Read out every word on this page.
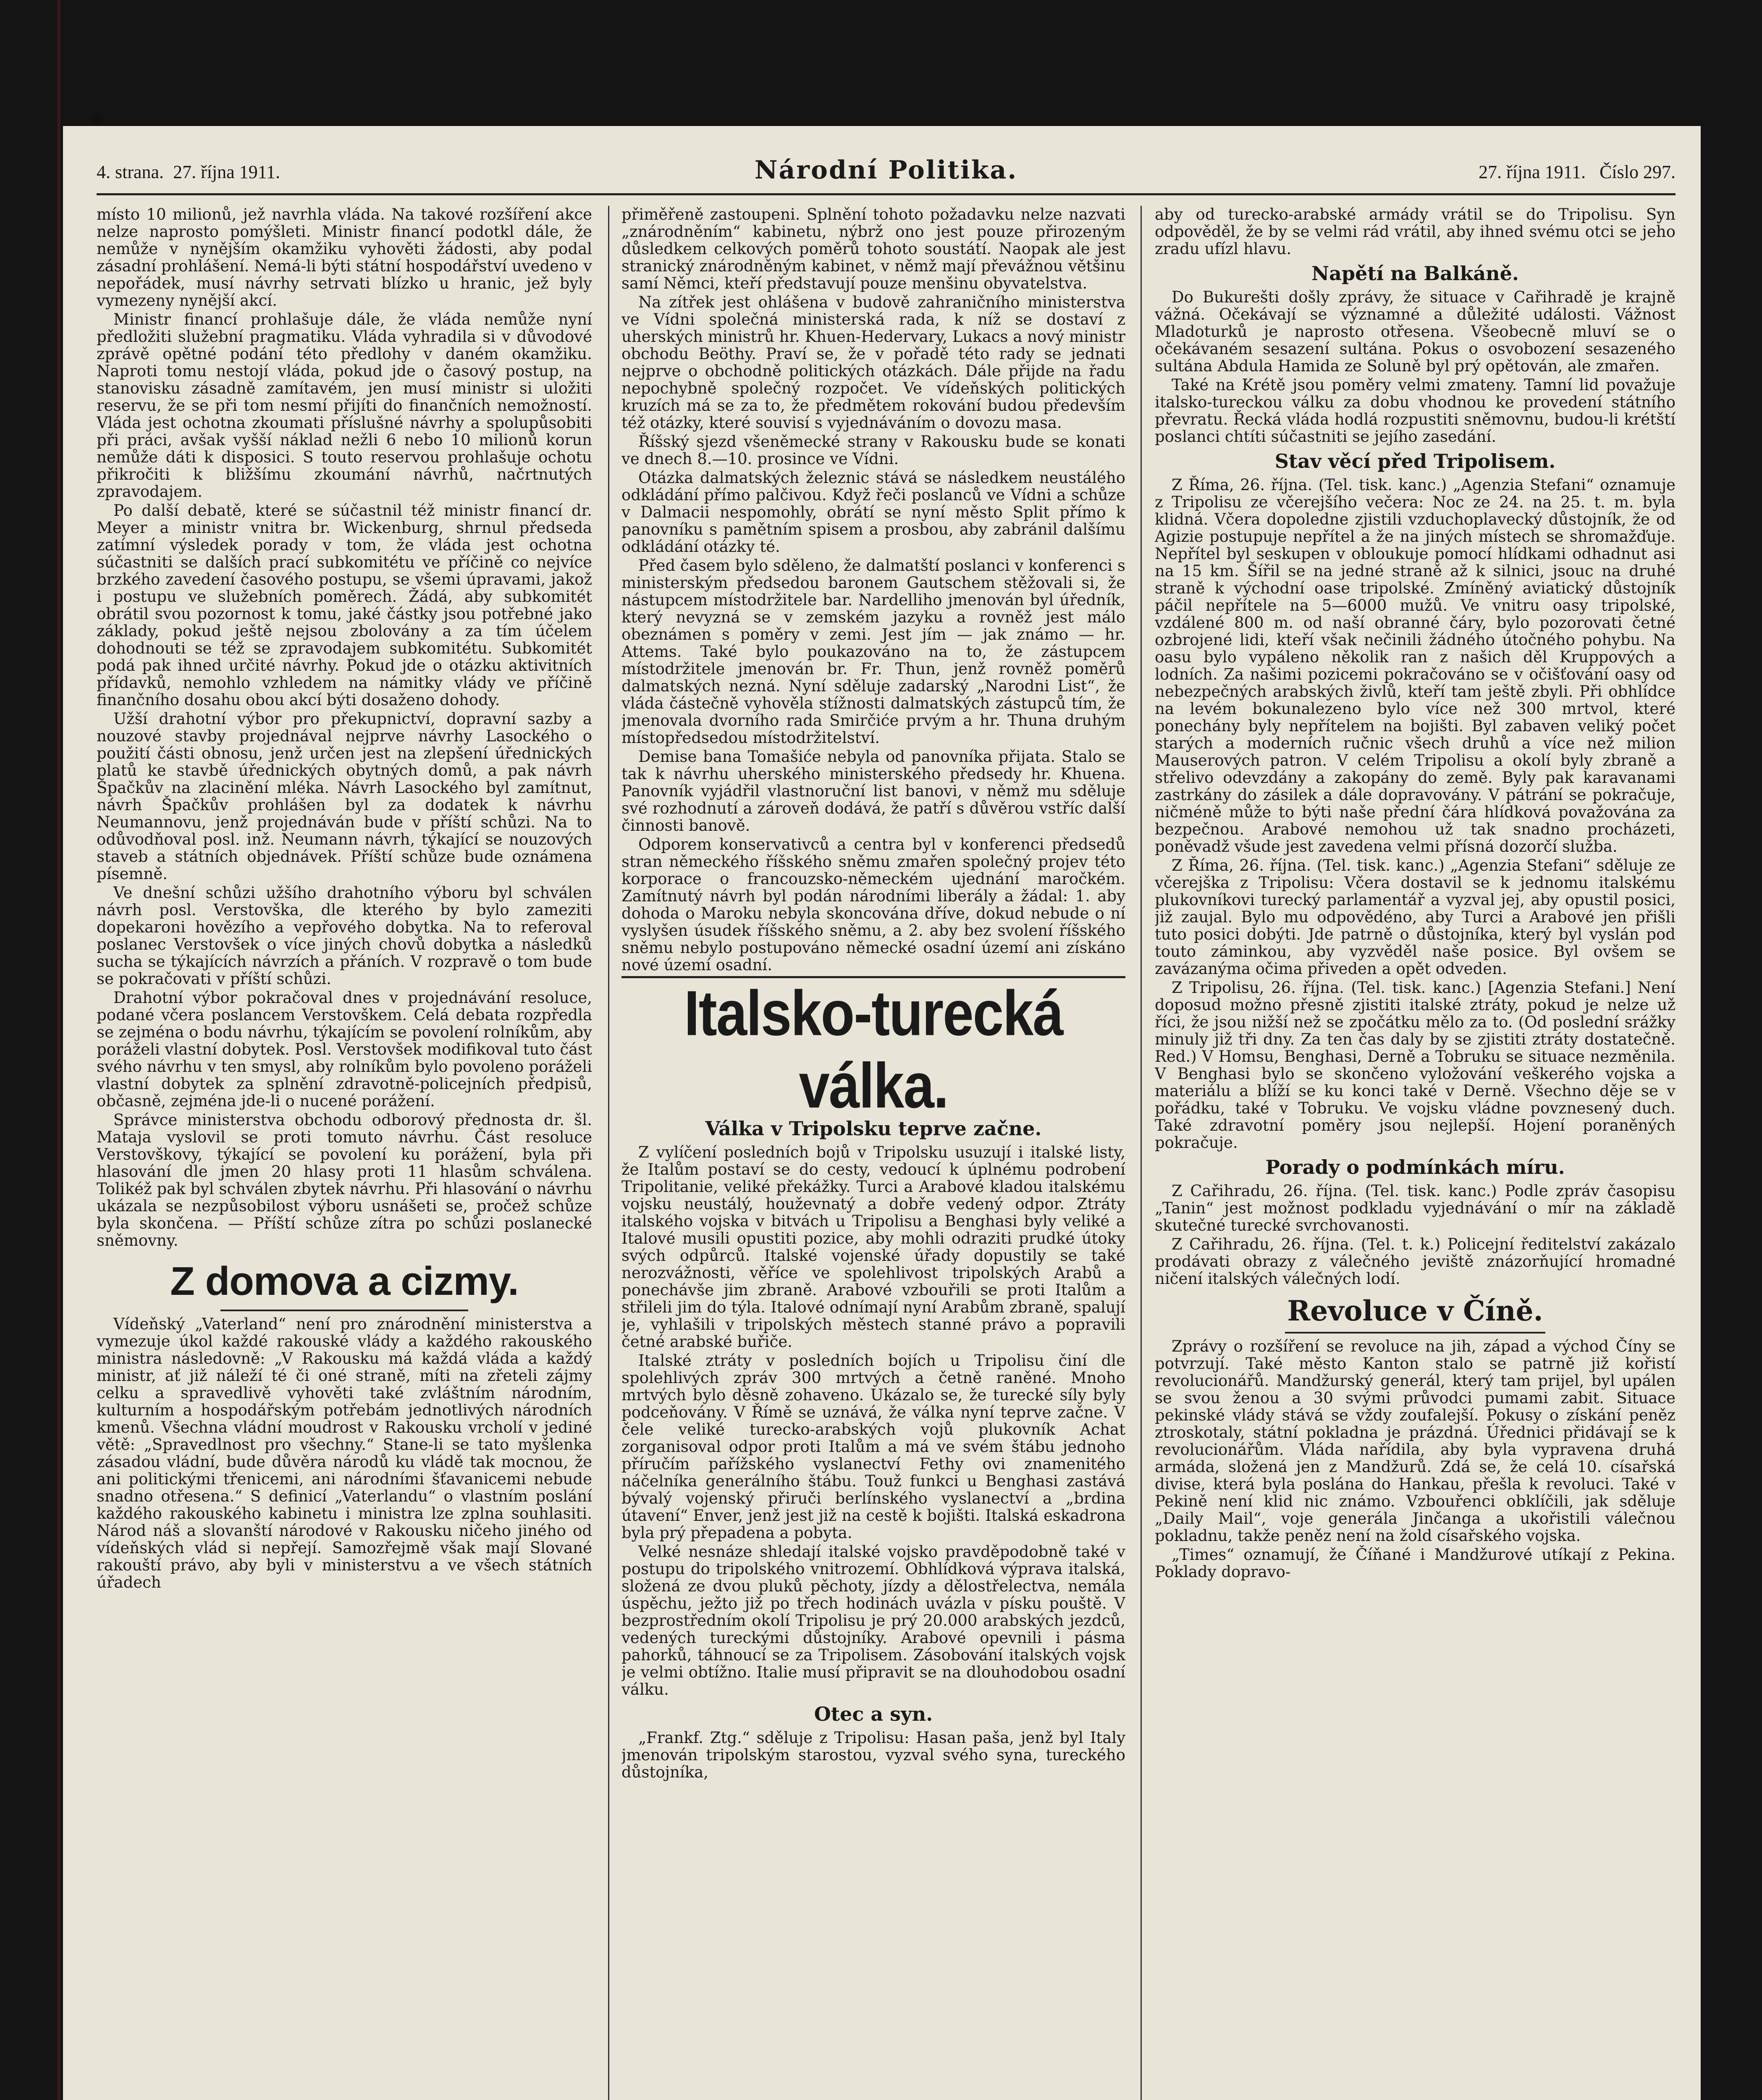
4. strana. 27. října 1911.	Národní Politika.	27. října 1911. Číslo 297.

místo 10 milionů, jež navrhla vláda. Na takové rozšíření akce nelze naprosto pomýšleti. Ministr financí podotkl dále, že nemůže v nynějším okamžiku vyhověti žádosti, aby podal zásadní prohlášení. Nemá-li býti státní hospodářství uvedeno v nepořádek, musí návrhy setrvati blízko u hranic, jež byly vymezeny nynější akcí.

Ministr financí prohlašuje dále, že vláda nemůže nyní předložiti služební pragmatiku. Vláda vyhradila si v důvodové zprávě opětné podání této předlohy v daném okamžiku. Naproti tomu nestojí vláda, pokud jde o časový postup, na stanovisku zásadně zamítavém, jen musí ministr si uložiti reservu, že se při tom nesmí přijíti do finančních nemožností. Vláda jest ochotna zkoumati příslušné návrhy a spolupůsobiti při práci, avšak vyšší náklad nežli 6 nebo 10 milionů korun nemůže dáti k disposici. S touto reservou prohlašuje ochotu přikročiti k bližšímu zkoumání návrhů, načrtnutých zpravodajem.

Po další debatě, které se súčastnil též ministr financí dr. Meyer a ministr vnitra br. Wickenburg, shrnul předseda zatímní výsledek porady v tom, že vláda jest ochotna súčastniti se dalších prací subkomitétu ve příčině co nejvíce brzkého zavedení časového postupu, se všemi úpravami, jakož i postupu ve služebních poměrech. Žádá, aby subkomitét obrátil svou pozornost k tomu, jaké částky jsou potřebné jako základy, pokud ještě nejsou zbolovány a za tím účelem dohodnouti se též se zpravodajem subkomitétu. Subkomitét podá pak ihned určité návrhy. Pokud jde o otázku aktivitních přídavků, nemohlo vzhledem na námitky vlády ve příčině finančního dosahu obou akcí býti dosaženo dohody.

Užší drahotní výbor pro překupnictví, dopravní sazby a nouzové stavby projednával nejprve návrhy Lasockého o použití části obnosu, jenž určen jest na zlepšení úřednických platů ke stavbě úřednických obytných domů, a pak návrh Špačkův na zlacinění mléka. Návrh Lasockého byl zamítnut, návrh Špačkův prohlášen byl za dodatek k návrhu Neumannovu, jenž projednáván bude v příští schůzi. Na to odůvodňoval posl. inž. Neumann návrh, týkající se nouzových staveb a státních objednávek. Příští schůze bude oznámena písemně.

Ve dnešní schůzi užšího drahotního výboru byl schválen návrh posl. Verstovška, dle kterého by bylo zameziti dopekaroni hovězího a vepřového dobytka. Na to referoval poslanec Verstovšek o více jiných chovů dobytka a následků sucha se týkajících návrzích a přáních. V rozpravě o tom bude se pokračovati v příští schůzi.

Drahotní výbor pokračoval dnes v projednávání resoluce, podané včera poslancem Verstovškem. Celá debata rozpředla se zejména o bodu návrhu, týkajícím se povolení rolníkům, aby poráželi vlastní dobytek. Posl. Verstovšek modifikoval tuto část svého návrhu v ten smysl, aby rolníkům bylo povoleno poráželi vlastní dobytek za splnění zdravotně-policejních předpisů, občasně, zejména jde-li o nucené porážení.

Správce ministerstva obchodu odborový přednosta dr. šl. Mataja vyslovil se proti tomuto návrhu. Část resoluce Verstovškovy, týkající se povolení ku porážení, byla při hlasování dle jmen 20 hlasy proti 11 hlasům schválena. Tolikéž pak byl schválen zbytek návrhu. Při hlasování o návrhu ukázala se nezpůsobilost výboru usnášeti se, pročež schůze byla skončena. — Příští schůze zítra po schůzi poslanecké sněmovny.

Z domova a cizmy.

Vídeňský „Vaterland“ není pro znárodnění ministerstva a vymezuje úkol každé rakouské vlády a každého rakouského ministra následovně: „V Rakousku má každá vláda a každý ministr, ať již náleží té či oné straně, míti na zřeteli zájmy celku a spravedlivě vyhověti také zvláštním národním, kulturním a hospodářským potřebám jednotlivých národních kmenů. Všechna vládní moudrost v Rakousku vrcholí v jediné větě: „Spravedlnost pro všechny.“ Stane-li se tato myšlenka zásadou vládní, bude důvěra národů ku vládě tak mocnou, že ani politickými třenicemi, ani národními šťavanicemi nebude snadno otřesena.“ S definicí „Vaterlandu“ o vlastním poslání každého rakouského kabinetu i ministra lze zplna souhlasiti. Národ náš a slovanští národové v Rakousku ničeho jiného od vídeňských vlád si nepřejí. Samozřejmě však mají Slované rakouští právo, aby byli v ministerstvu a ve všech státních úřadech

přiměřeně zastoupeni. Splnění tohoto požadavku nelze nazvati „znárodněním“ kabinetu, nýbrž ono jest pouze přirozeným důsledkem celkových poměrů tohoto soustátí. Naopak ale jest stranický znárodněným kabinet, v němž mají převážnou většinu samí Němci, kteří představují pouze menšinu obyvatelstva.

Na zítřek jest ohlášena v budově zahraničního ministerstva ve Vídni společná ministerská rada, k níž se dostaví z uherských ministrů hr. Khuen-Hedervary, Lukacs a nový ministr obchodu Beöthy. Praví se, že v pořadě této rady se jednati nejprve o obchodně politických otázkách. Dále přijde na řadu nepochybně společný rozpočet. Ve vídeňských politických kruzích má se za to, že předmětem rokování budou především též otázky, které souvisí s vyjednáváním o dovozu masa.

Říšský sjezd všeněmecké strany v Rakousku bude se konati ve dnech 8.—10. prosince ve Vídni.

Otázka dalmatských železnic stává se následkem neustálého odkládání přímo palčivou. Když řeči poslanců ve Vídni a schůze v Dalmacii nespomohly, obrátí se nyní město Split přímo k panovníku s pamětním spisem a prosbou, aby zabránil dalšímu odkládání otázky té.

Před časem bylo sděleno, že dalmatští poslanci v konferenci s ministerským předsedou baronem Gautschem stěžovali si, že nástupcem místodržitele bar. Nardelliho jmenován byl úředník, který nevyzná se v zemském jazyku a rovněž jest málo obeznámen s poměry v zemi. Jest jím — jak známo — hr. Attems. Také bylo poukazováno na to, že zástupcem místodržitele jmenován br. Fr. Thun, jenž rovněž poměrů dalmatských nezná. Nyní sděluje zadarský „Narodni List“, že vláda částečně vyhověla stížnosti dalmatských zástupců tím, že jmenovala dvorního rada Smirčiće prvým a hr. Thuna druhým místopředsedou místodržitelství.

Demise bana Tomašiće nebyla od panovníka přijata. Stalo se tak k návrhu uherského ministerského předsedy hr. Khuena. Panovník vyjádřil vlastnoruční list banovi, v němž mu sděluje své rozhodnutí a zároveň dodává, že patří s důvěrou vstříc další činnosti banově.

Odporem konservativců a centra byl v konferenci předsedů stran německého říšského sněmu zmařen společný projev této korporace o francouzsko-německém ujednání maročkém. Zamítnutý návrh byl podán národními liberály a žádal: 1. aby dohoda o Maroku nebyla skoncována dříve, dokud nebude o ní vyslyšen úsudek říšského sněmu, a 2. aby bez svolení říšského sněmu nebylo postupováno německé osadní území ani získáno nové území osadní.

Italsko-turecká válka.
Válka v Tripolsku teprve začne.

Z vylíčení posledních bojů v Tripolsku usuzují i italské listy, že Italům postaví se do cesty, vedoucí k úplnému podrobení Tripolitanie, veliké překážky. Turci a Arabové kladou italskému vojsku neustálý, houževnatý a dobře vedený odpor. Ztráty italského vojska v bitvách u Tripolisu a Benghasi byly veliké a Italové musili opustiti pozice, aby mohli odraziti prudké útoky svých odpůrců. Italské vojenské úřady dopustily se také nerozvážnosti, věříce ve spolehlivost tripolských Arabů a ponechávše jim zbraně. Arabové vzbouřili se proti Italům a střileli jim do týla. Italové odnímají nyní Arabům zbraně, spalují je, vyhlašili v tripolských městech stanné právo a popravili četné arabské buřiče.

Italské ztráty v posledních bojích u Tripolisu činí dle spolehlivých zpráv 300 mrtvých a četně raněné. Mnoho mrtvých bylo děsně zohaveno. Ukázalo se, že turecké síly byly podceňovány. V Římě se uznává, že válka nyní teprve začne. V čele veliké turecko-arabských vojů plukovník Achat zorganisoval odpor proti Italům a má ve svém štábu jednoho příručím pařížského vyslanectví Fethy ovi znamenitého náčelníka generálního štábu. Touž funkci u Benghasi zastává bývalý vojenský přiruči berlínského vyslanectví a „brdina útavení“ Enver, jenž jest již na cestě k bojišti. Italská eskadrona byla prý přepadena a pobyta.

Velké nesnáze shledají italské vojsko pravděpodobně také v postupu do tripolského vnitrozemí. Obhlídková výprava italská, složená ze dvou pluků pěchoty, jízdy a dělostřelectva, nemála úspěchu, ježto již po třech hodinách uvázla v písku pouště. V bezprostředním okolí Tripolisu je prý 20.000 arabských jezdců, vedených tureckými důstojníky. Arabové opevnili i pásma pahorků, táhnoucí se za Tripolisem. Zásobování italských vojsk je velmi obtížno. Italie musí připravit se na dlouhodobou osadní válku.

Otec a syn.

„Frankf. Ztg.“ sděluje z Tripolisu: Hasan paša, jenž byl Italy jmenován tripolským starostou, vyzval svého syna, tureckého důstojníka,

aby od turecko-arabské armády vrátil se do Tripolisu. Syn odpověděl, že by se velmi rád vrátil, aby ihned svému otci se jeho zradu ufízl hlavu.

Napětí na Balkáně.

Do Bukurešti došly zprávy, že situace v Cařihradě je krajně vážná. Očekávají se významné a důležité události. Vážnost Mladoturků je naprosto otřesena. Všeobecně mluví se o očekávaném sesazení sultána. Pokus o osvobození sesazeného sultána Abdula Hamida ze Soluně byl prý opětován, ale zmařen.

Také na Krétě jsou poměry velmi zmateny. Tamní lid považuje italsko-tureckou válku za dobu vhodnou ke provedení státního převratu. Řecká vláda hodlá rozpustiti sněmovnu, budou-li krétští poslanci chtíti súčastniti se jejího zasedání.

Stav věcí před Tripolisem.

Z Říma, 26. října. (Tel. tisk. kanc.) „Agenzia Stefani“ oznamuje z Tripolisu ze včerejšího večera: Noc ze 24. na 25. t. m. byla klidná. Včera dopoledne zjistili vzduchoplavecký důstojník, že od Agizie postupuje nepřítel a že na jiných místech se shromažďuje. Nepřítel byl seskupen v obloukuje pomocí hlídkami odhadnut asi na 15 km. Šířil se na jedné straně až k silnici, jsouc na druhé straně k východní oase tripolské. Zmíněný aviatický důstojník páčil nepřítele na 5—6000 mužů. Ve vnitru oasy tripolské, vzdálené 800 m. od naší obranné čáry, bylo pozorovati četné ozbrojené lidi, kteří však nečinili žádného útočného pohybu. Na oasu bylo vypáleno několik ran z našich děl Kruppových a lodních. Za našimi pozicemi pokračováno se v očišťování oasy od nebezpečných arabských živlů, kteří tam ještě zbyli. Při obhlídce na levém bokunalezeno bylo více než 300 mrtvol, které ponechány byly nepřítelem na bojišti. Byl zabaven veliký počet starých a moderních ručnic všech druhů a více než milion Mauserových patron. V celém Tripolisu a okolí byly zbraně a střelivo odevzdány a zakopány do země. Byly pak karavanami zastrkány do zásilek a dále dopravovány. V pátrání se pokračuje, ničméně může to býti naše přední čára hlídková považována za bezpečnou. Arabové nemohou už tak snadno procházeti, poněvadž všude jest zavedena velmi přísná dozorčí služba.

Z Říma, 26. října. (Tel. tisk. kanc.) „Agenzia Stefani“ sděluje ze včerejška z Tripolisu: Včera dostavil se k jednomu italskému plukovníkovi turecký parlamentář a vyzval jej, aby opustil posici, již zaujal. Bylo mu odpovědéno, aby Turci a Arabové jen přišli tuto posici dobýti. Jde patrně o důstojníka, který byl vyslán pod touto záminkou, aby vyzvěděl naše posice. Byl ovšem se zavázanýma očima přiveden a opět odveden.

Z Tripolisu, 26. října. (Tel. tisk. kanc.) [Agenzia Stefani.] Není doposud možno přesně zjistiti italské ztráty, pokud je nelze už říci, že jsou nižší než se zpočátku mělo za to. (Od poslední srážky minuly již tři dny. Za ten čas daly by se zjistiti ztráty dostatečně. Red.) V Homsu, Benghasi, Derně a Tobruku se situace nezměnila. V Benghasi bylo se skončeno vyložování veškerého vojska a materiálu a blíží se ku konci také v Derně. Všechno děje se v pořádku, také v Tobruku. Ve vojsku vládne povznesený duch. Také zdravotní poměry jsou nejlepší. Hojení poraněných pokračuje.

Porady o podmínkách míru.

Z Cařihradu, 26. října. (Tel. tisk. kanc.) Podle zpráv časopisu „Tanin“ jest možnost podkladu vyjednávání o mír na základě skutečné turecké svrchovanosti.

Z Cařihradu, 26. října. (Tel. t. k.) Policejní ředitelství zakázalo prodávati obrazy z válečného jeviště znázorňující hromadné ničení italských válečných lodí.

Revoluce v Číně.

Zprávy o rozšíření se revoluce na jih, západ a východ Číny se potvrzují. Také město Kanton stalo se patrně již kořistí revolucionářů. Mandžurský generál, který tam prijel, byl upálen se svou ženou a 30 svými průvodci pumami zabit. Situace pekinské vlády stává se vždy zoufalejší. Pokusy o získání peněz ztroskotaly, státní pokladna je prázdná. Úřednici přidávají se k revolucionářům. Vláda nařídila, aby byla vypravena druhá armáda, složená jen z Mandžurů. Zdá se, že celá 10. císařská divise, která byla poslána do Hankau, přešla k revoluci. Také v Pekině není klid nic známo. Vzbouřenci obklíčili, jak sděluje „Daily Mail“, voje generála Jinčanga a ukořistili válečnou pokladnu, takže peněz není na žold císařského vojska.

„Times“ oznamují, že Číňané i Mandžurové utíkají z Pekina. Poklady dopravo-
